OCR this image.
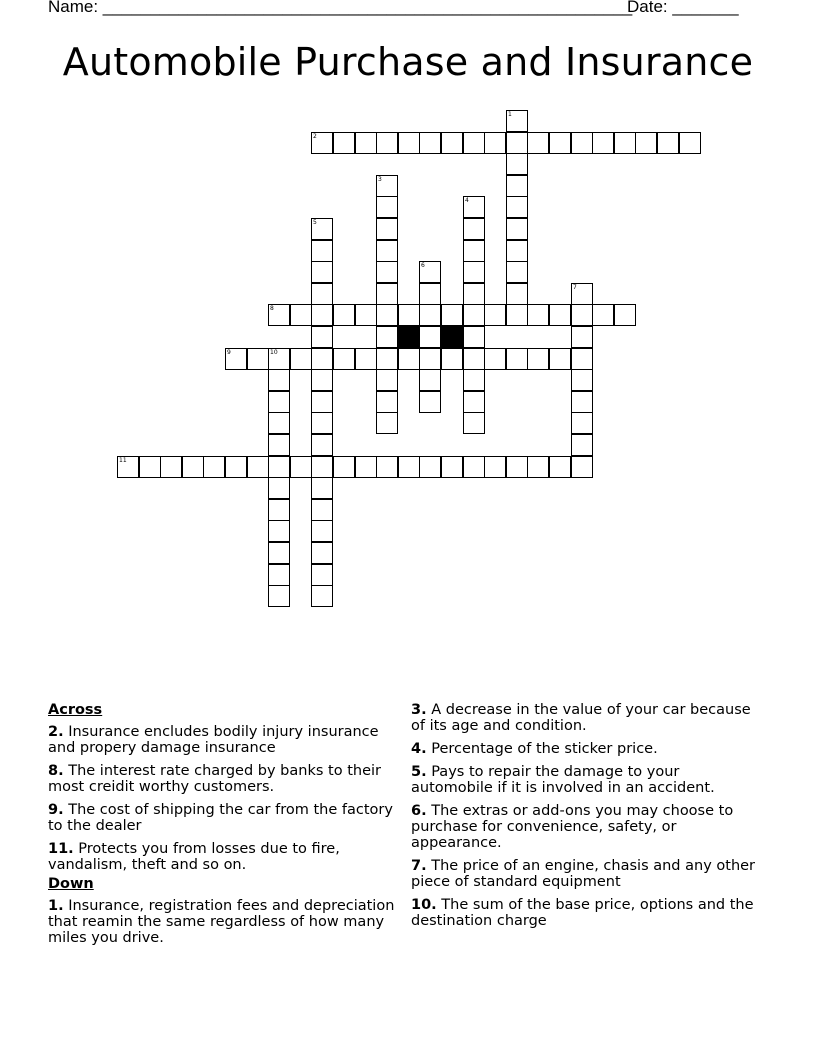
Name: ________________________________________________________
Date: _______
Automobile Purchase and Insurance
1
2
3
4
5
6
7
8
9	10
11
Across
2. Insurance encludes bodily injury insurance and propery damage insurance
8. The interest rate charged by banks to their most creidit worthy customers.
9. The cost of shipping the car from the factory to the dealer
11. Protects you from losses due to fire, vandalism, theft and so on.
Down
1. Insurance, registration fees and depreciation that reamin the same regardless of how many miles you drive.
3. A decrease in the value of your car because of its age and condition.
4. Percentage of the sticker price.
5. Pays to repair the damage to your automobile if it is involved in an accident.
6. The extras or add-ons you may choose to purchase for convenience, safety, or appearance.
7. The price of an engine, chasis and any other piece of standard equipment
10. The sum of the base price, options and the destination charge
